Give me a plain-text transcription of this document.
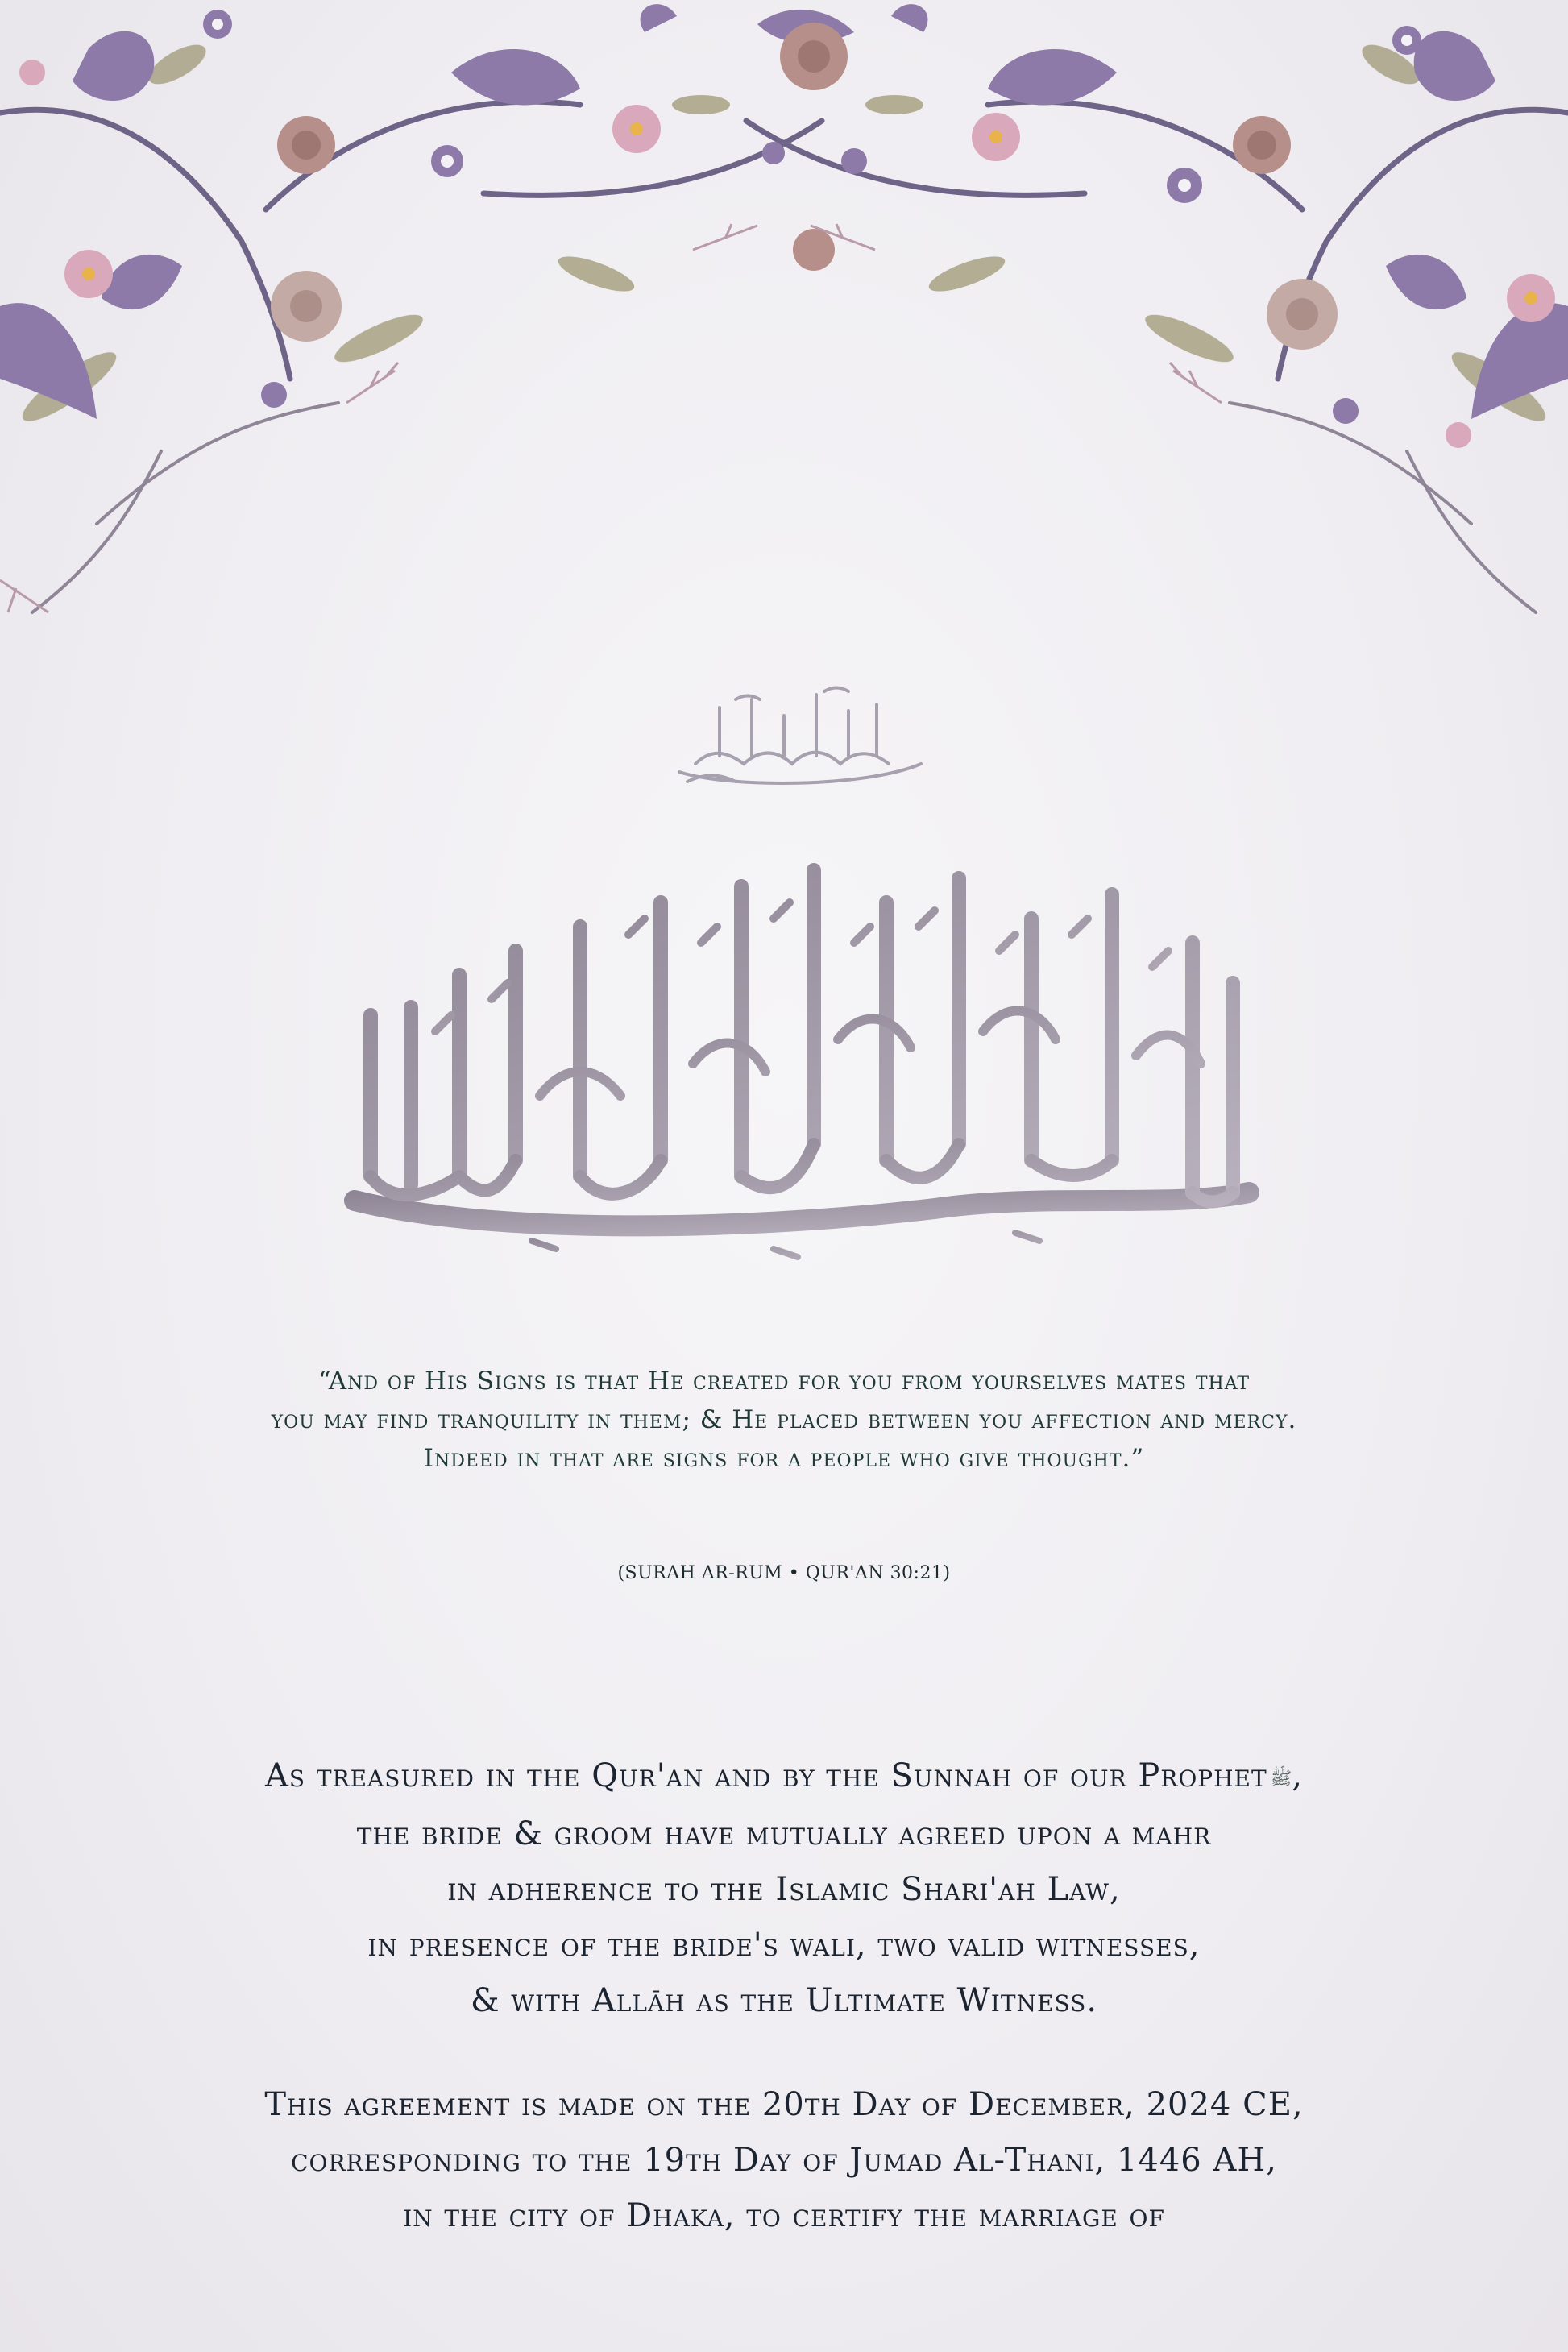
“And of His Signs is that He created for you from yourselves mates that
you may find tranquility in them; & He placed between you affection and mercy.
Indeed in that are signs for a people who give thought.”
(SURAH AR-RUM • QUR'AN 30:21)
As treasured in the Qur'an and by the Sunnah of our Prophet ﷺ,
the bride & groom have mutually agreed upon a mahr
in adherence to the Islamic Shari'ah Law,
in presence of the bride's wali, two valid witnesses,
& with Allāh as the Ultimate Witness.
This agreement is made on the 20th Day of December, 2024 CE,
corresponding to the 19th Day of Jumad Al-Thani, 1446 AH,
in the city of Dhaka, to certify the marriage of
